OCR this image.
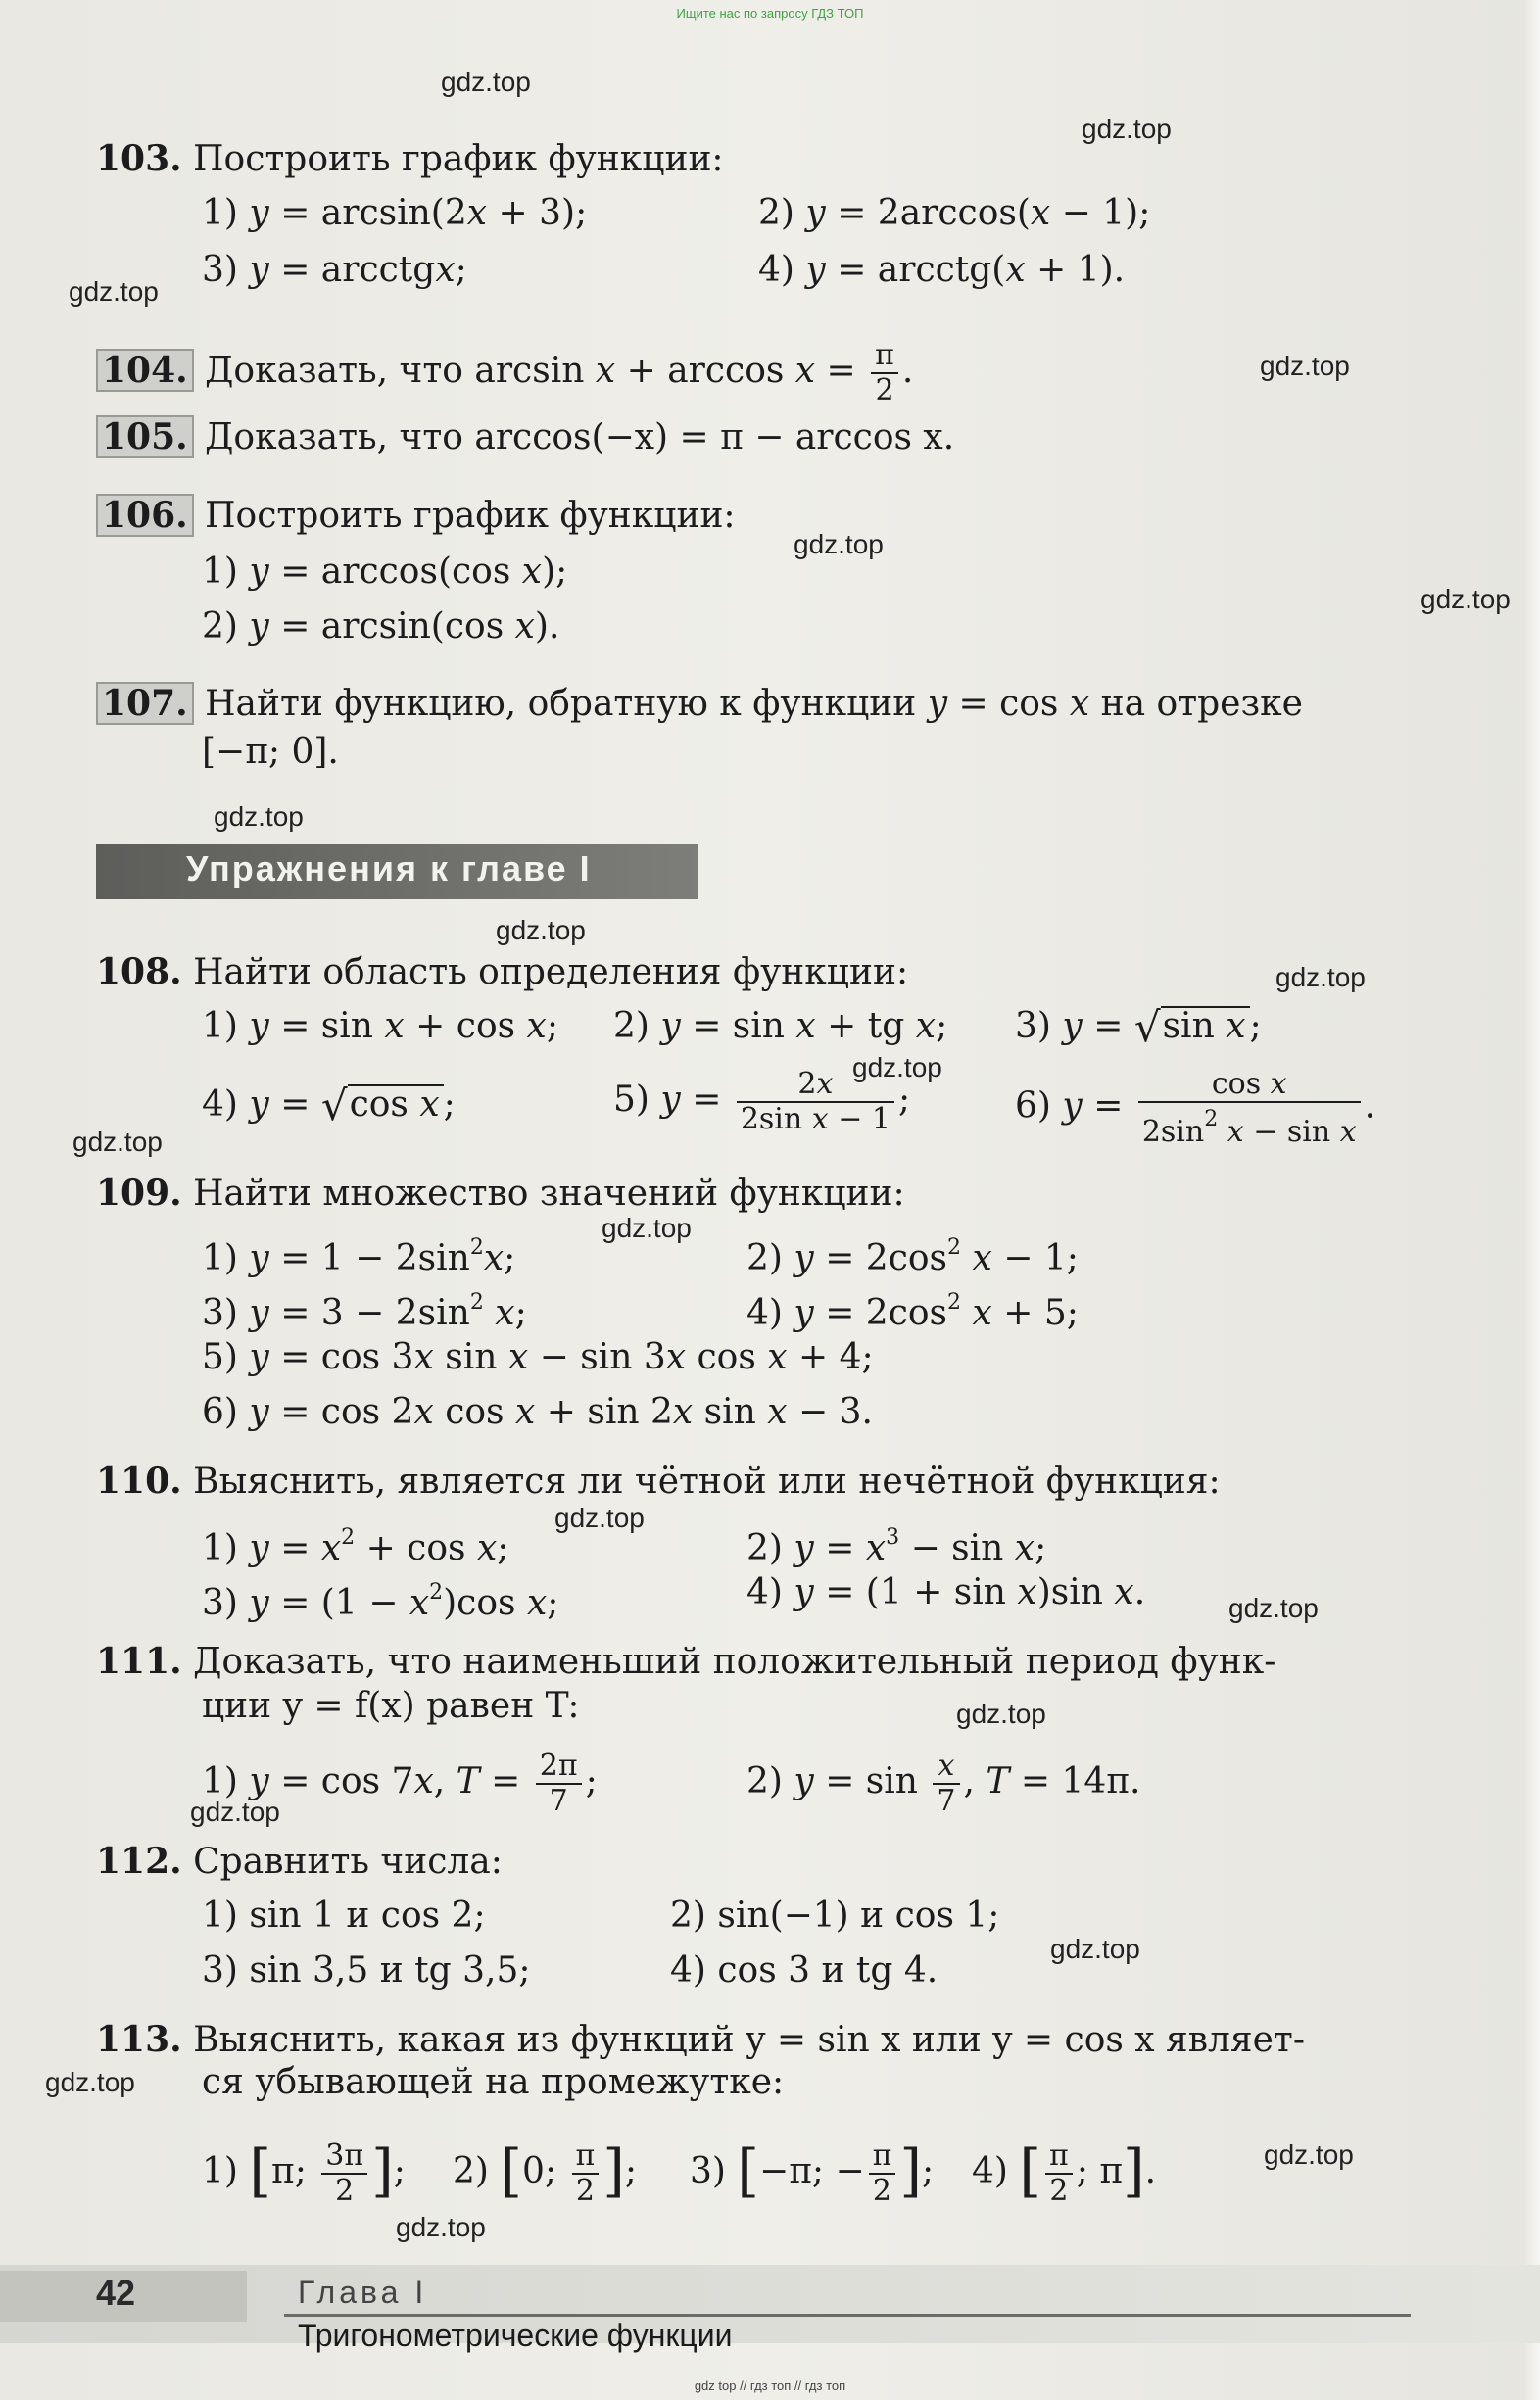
Ищите нас по запросу ГДЗ ТОП
gdz.top
gdz.top
gdz.top
gdz.top
gdz.top
gdz.top
gdz.top
gdz.top
gdz.top
gdz.top
gdz.top
gdz.top
gdz.top
gdz.top
gdz.top
gdz.top
gdz.top
gdz.top
gdz.top
gdz.top
103. Построить график функции:
1) y = arcsin(2x + 3);	2) y = 2arccos(x − 1);
3) y = arcctgx;	4) y = arcctg(x + 1).
104. Доказать, что $\arcsin x + \arccos x = \frac{\pi}{2}$ .
105. Доказать, что arccos(−x) = π − arccos x.
106. Построить график функции:
1) y = arccos(cos x);
2) y = arcsin(cos x).
107. Найти функцию, обратную к функции y = cos x на отрезке
[−π; 0].
Упражнения к главе I
108. Найти область определения функции:
1) y = sin x + cos x; 2) y = sin x + tg x; 3) y = √sin x ;
4) y = √cos x ;	5) $y = \frac{2x}{\text{2sin x − 1}}$ ;	6) $y = \frac{\text{cos x}}{2\sin^2 x - \sin x}$ .
109. Найти множество значений функции:
1) $y = 1 - 2\sin^2x$;	2) $y = 2\cos^2$ x − 1;
3) $y = 3 - 2\sin^2$ x;	4) $y = 2\cos^2$ x + 5;
5) y = cos 3x sin x − sin 3x cos x + 4;
6) y = cos 2x cos x + sin 2x sin x − 3.
110. Выяснить, является ли чётной или нечётной функция:
1) $y = x^2 + \cos x$;	2) $y = x^3 - \sin x$;
3) $y = (1 - x^2)\cos$ x;	4) y = (1 + sin x)sin x.
111. Доказать, что наименьший положительный период функ-
ции y = f(x) равен T:
1) y = cos 7x, $T = \frac{2\pi}{7}$ ;	2) $y = \sin \frac{x}{7}$ , T = 14π.
112. Сравнить числа:
1) sin 1 и cos 2;	2) sin(−1) и cos 1;
3) sin 3,5 и tg 3,5;	4) cos 3 и tg 4.
113. Выяснить, какая из функций y = sin x или y = cos x являет-
ся убывающей на промежутке:
1) [π; $\frac{3\pi}{2}$ ]; 2) [0; $\frac{\pi}{2}$ ]; 3) [−π; − $\frac{\pi}{2}$ ]; 4) [ $\frac{\pi}{2}$ ; π].
42	Глава I
Тригонометрические функции
gdz top // гдз топ // гдз топ
